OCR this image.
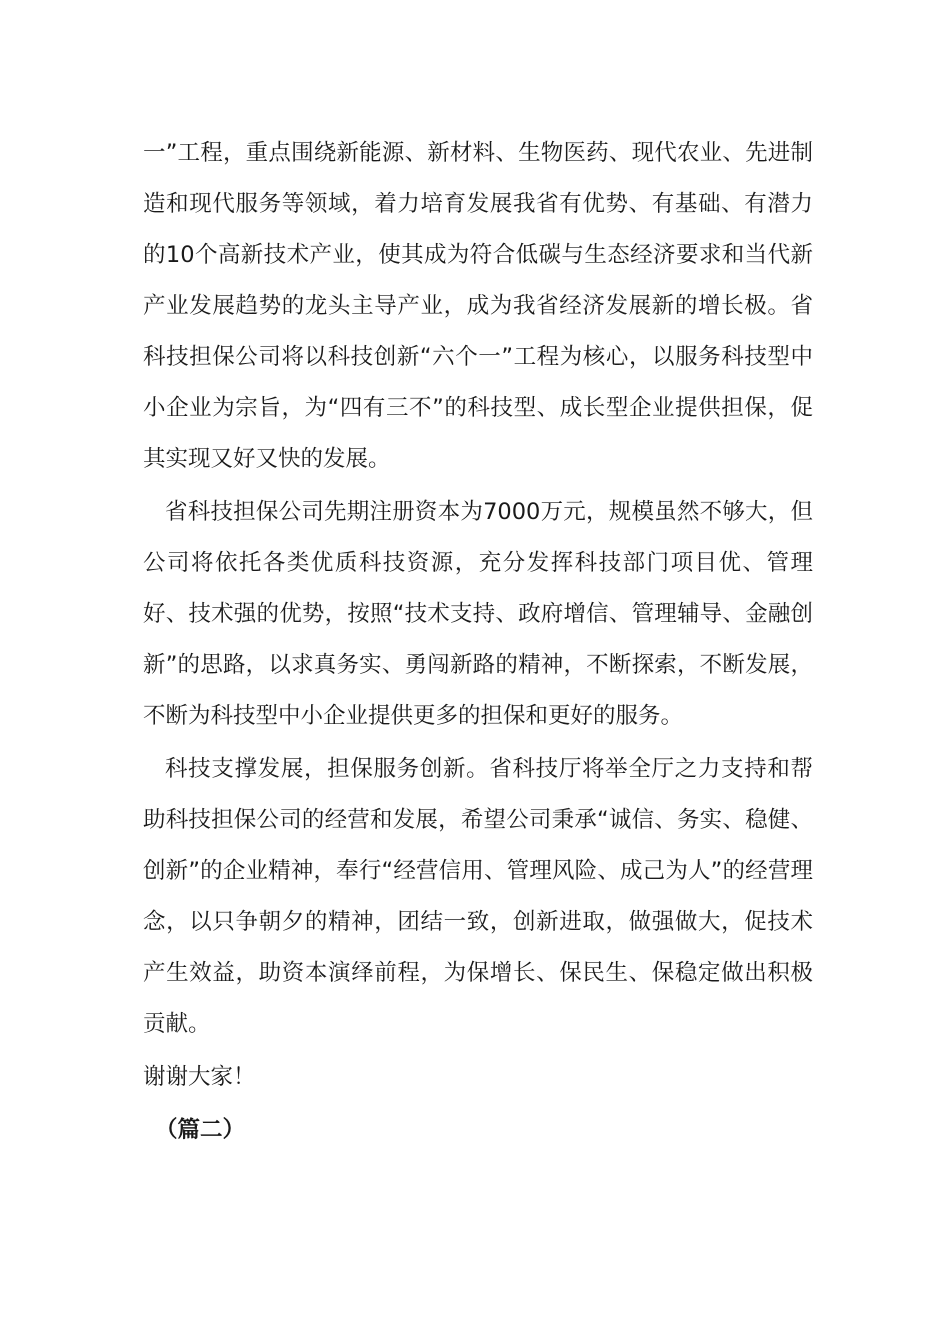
一”工程，重点围绕新能源、新材料、生物医药、现代农业、先进制造和现代服务等领域，着力培育发展我省有优势、有基础、有潜力的10个高新技术产业，使其成为符合低碳与生态经济要求和当代新产业发展趋势的龙头主导产业，成为我省经济发展新的增长极。省科技担保公司将以科技创新“六个一”工程为核心，以服务科技型中小企业为宗旨，为“四有三不”的科技型、成长型企业提供担保，促其实现又好又快的发展。

省科技担保公司先期注册资本为7000万元，规模虽然不够大，但公司将依托各类优质科技资源，充分发挥科技部门项目优、管理好、技术强的优势，按照“技术支持、政府增信、管理辅导、金融创新”的思路，以求真务实、勇闯新路的精神，不断探索，不断发展，不断为科技型中小企业提供更多的担保和更好的服务。

科技支撑发展，担保服务创新。省科技厅将举全厅之力支持和帮助科技担保公司的经营和发展，希望公司秉承“诚信、务实、稳健、创新”的企业精神，奉行“经营信用、管理风险、成己为人”的经营理念，以只争朝夕的精神，团结一致，创新进取，做强做大，促技术产生效益，助资本演绎前程，为保增长、保民生、保稳定做出积极贡献。

谢谢大家！

（篇二）
